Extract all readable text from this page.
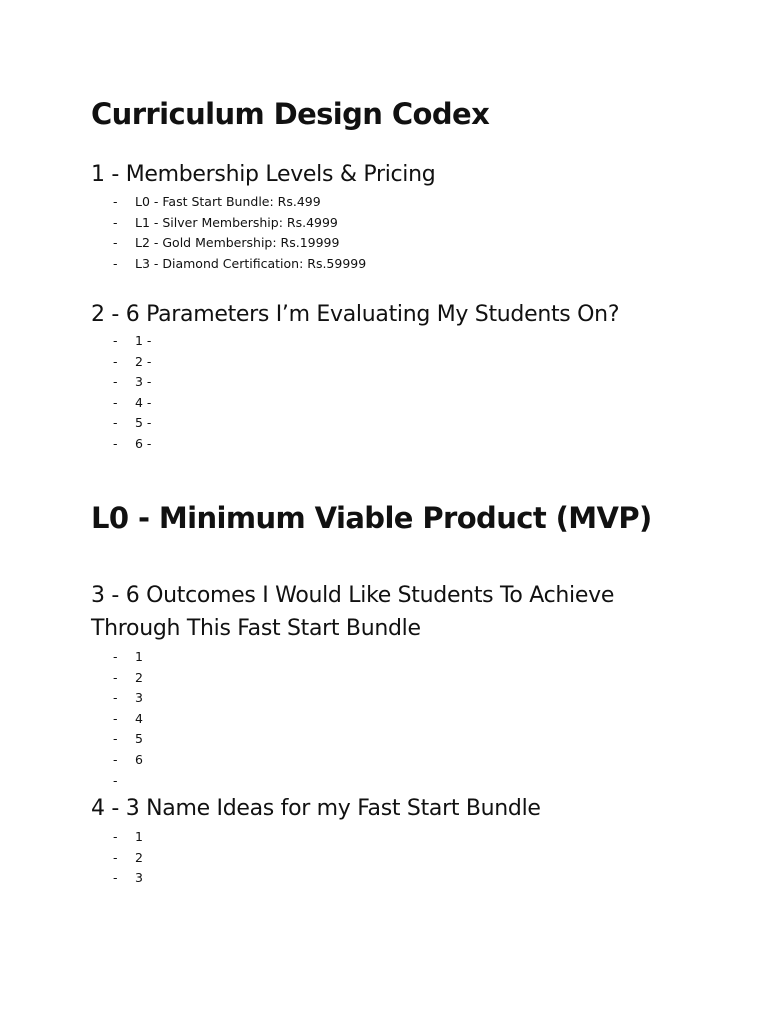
Curriculum Design Codex
1 - Membership Levels & Pricing
- L0 - Fast Start Bundle: Rs.499
- L1 - Silver Membership: Rs.4999
- L2 - Gold Membership: Rs.19999
- L3 - Diamond Certification: Rs.59999
2 - 6 Parameters I’m Evaluating My Students On?
- 1 -
- 2 -
- 3 -
- 4 -
- 5 -
- 6 -
L0 - Minimum Viable Product (MVP)
3 - 6 Outcomes I Would Like Students To Achieve
Through This Fast Start Bundle
- 1
- 2
- 3
- 4
- 5
- 6
-
4 - 3 Name Ideas for my Fast Start Bundle
- 1
- 2
- 3
